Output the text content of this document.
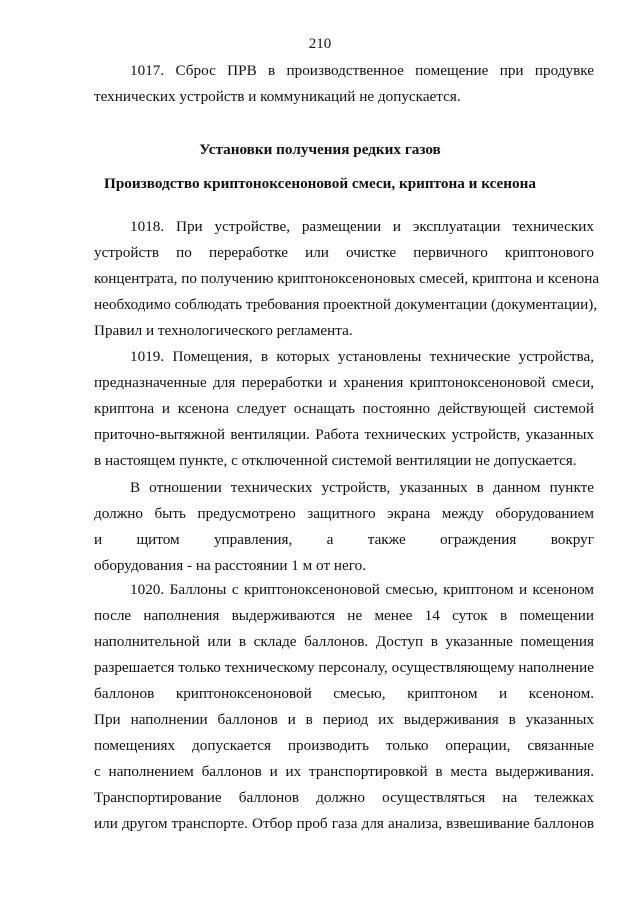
210
1017. Сброс ПРВ в производственное помещение при продувке
технических устройств и коммуникаций не допускается.
Установки получения редких газов
Производство криптоноксеноновой смеси, криптона и ксенона
1018. При устройстве, размещении и эксплуатации технических
устройств по переработке или очистке первичного криптонового
концентрата, по получению криптоноксеноновых смесей, криптона и ксенона
необходимо соблюдать требования проектной документации (документации),
Правил и технологического регламента.
1019. Помещения, в которых установлены технические устройства,
предназначенные для переработки и хранения криптоноксеноновой смеси,
криптона и ксенона следует оснащать постоянно действующей системой
приточно-вытяжной вентиляции. Работа технических устройств, указанных
в настоящем пункте, с отключенной системой вентиляции не допускается.
В отношении технических устройств, указанных в данном пункте
должно быть предусмотрено защитного экрана между оборудованием
и щитом управления, а также ограждения вокруг
оборудования - на расстоянии 1 м от него.
1020. Баллоны с криптоноксеноновой смесью, криптоном и ксеноном
после наполнения выдерживаются не менее 14 суток в помещении
наполнительной или в складе баллонов. Доступ в указанные помещения
разрешается только техническому персоналу, осуществляющему наполнение
баллонов криптоноксеноновой смесью, криптоном и ксеноном.
При наполнении баллонов и в период их выдерживания в указанных
помещениях допускается производить только операции, связанные
с наполнением баллонов и их транспортировкой в места выдерживания.
Транспортирование баллонов должно осуществляться на тележках
или другом транспорте. Отбор проб газа для анализа, взвешивание баллонов
